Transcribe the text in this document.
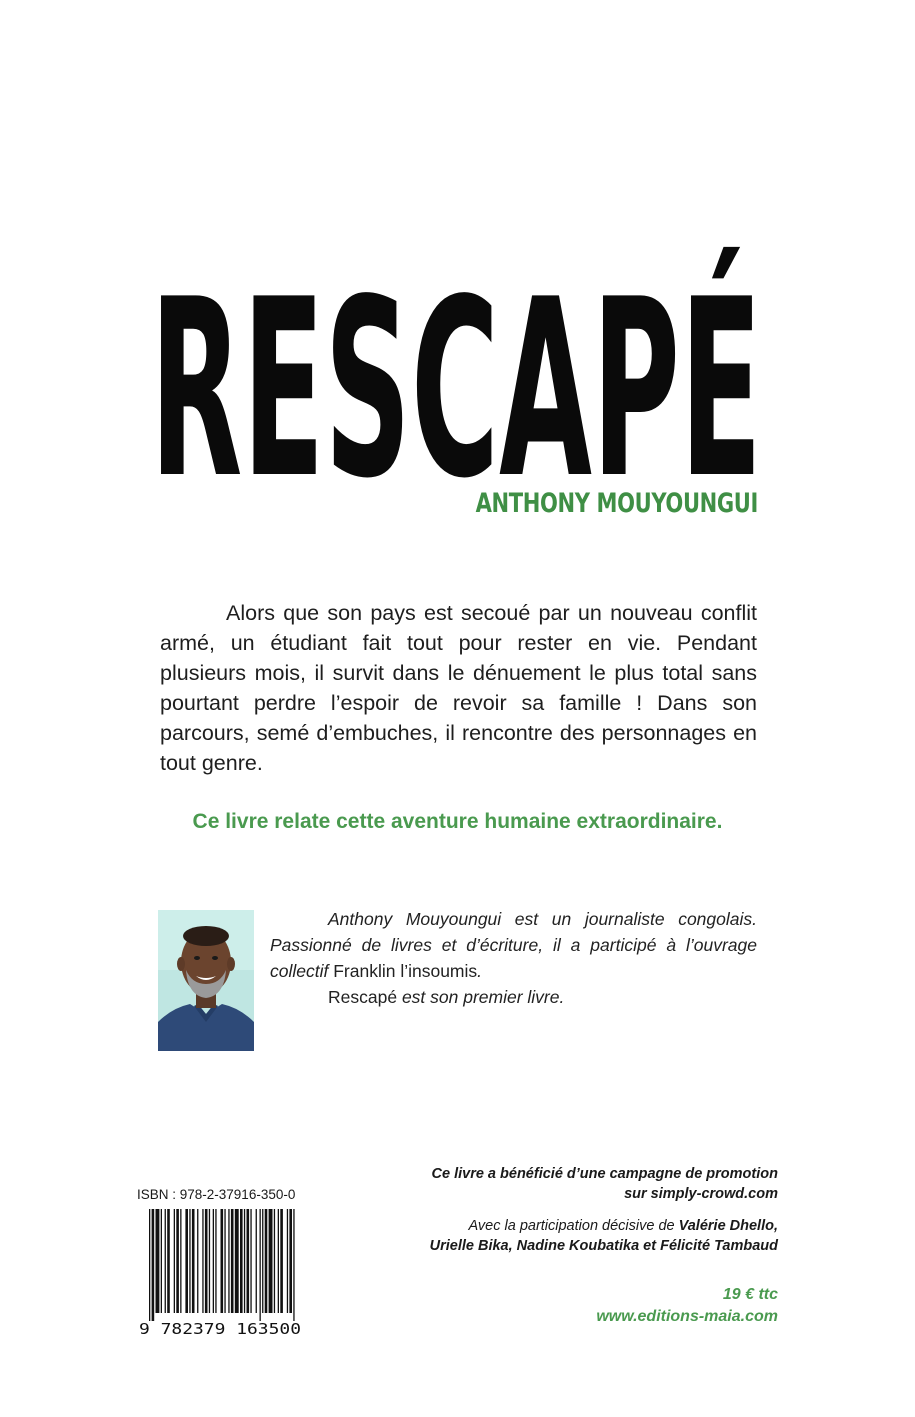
RESCAPÉ
ANTHONY MOUYOUNGUI

Alors que son pays est secoué par un nouveau conflit armé, un étudiant fait tout pour rester en vie. Pendant plusieurs mois, il survit dans le dénuement le plus total sans pourtant perdre l’espoir de revoir sa famille ! Dans son parcours, semé d’embuches, il rencontre des personnages en tout genre.

Ce livre relate cette aventure humaine extraordinaire.

Anthony Mouyoungui est un journaliste congolais. Passionné de livres et d’écriture, il a participé à l’ouvrage collectif Franklin l’insoumis.

Rescapé est son premier livre.

ISBN : 978-2-37916-350-0
9 782379 163500
Ce livre a bénéficié d’une campagne de promotion
sur simply-crowd.com
Avec la participation décisive de Valérie Dhello,
Urielle Bika, Nadine Koubatika et Félicité Tambaud
19 € ttc
www.editions-maia.com
